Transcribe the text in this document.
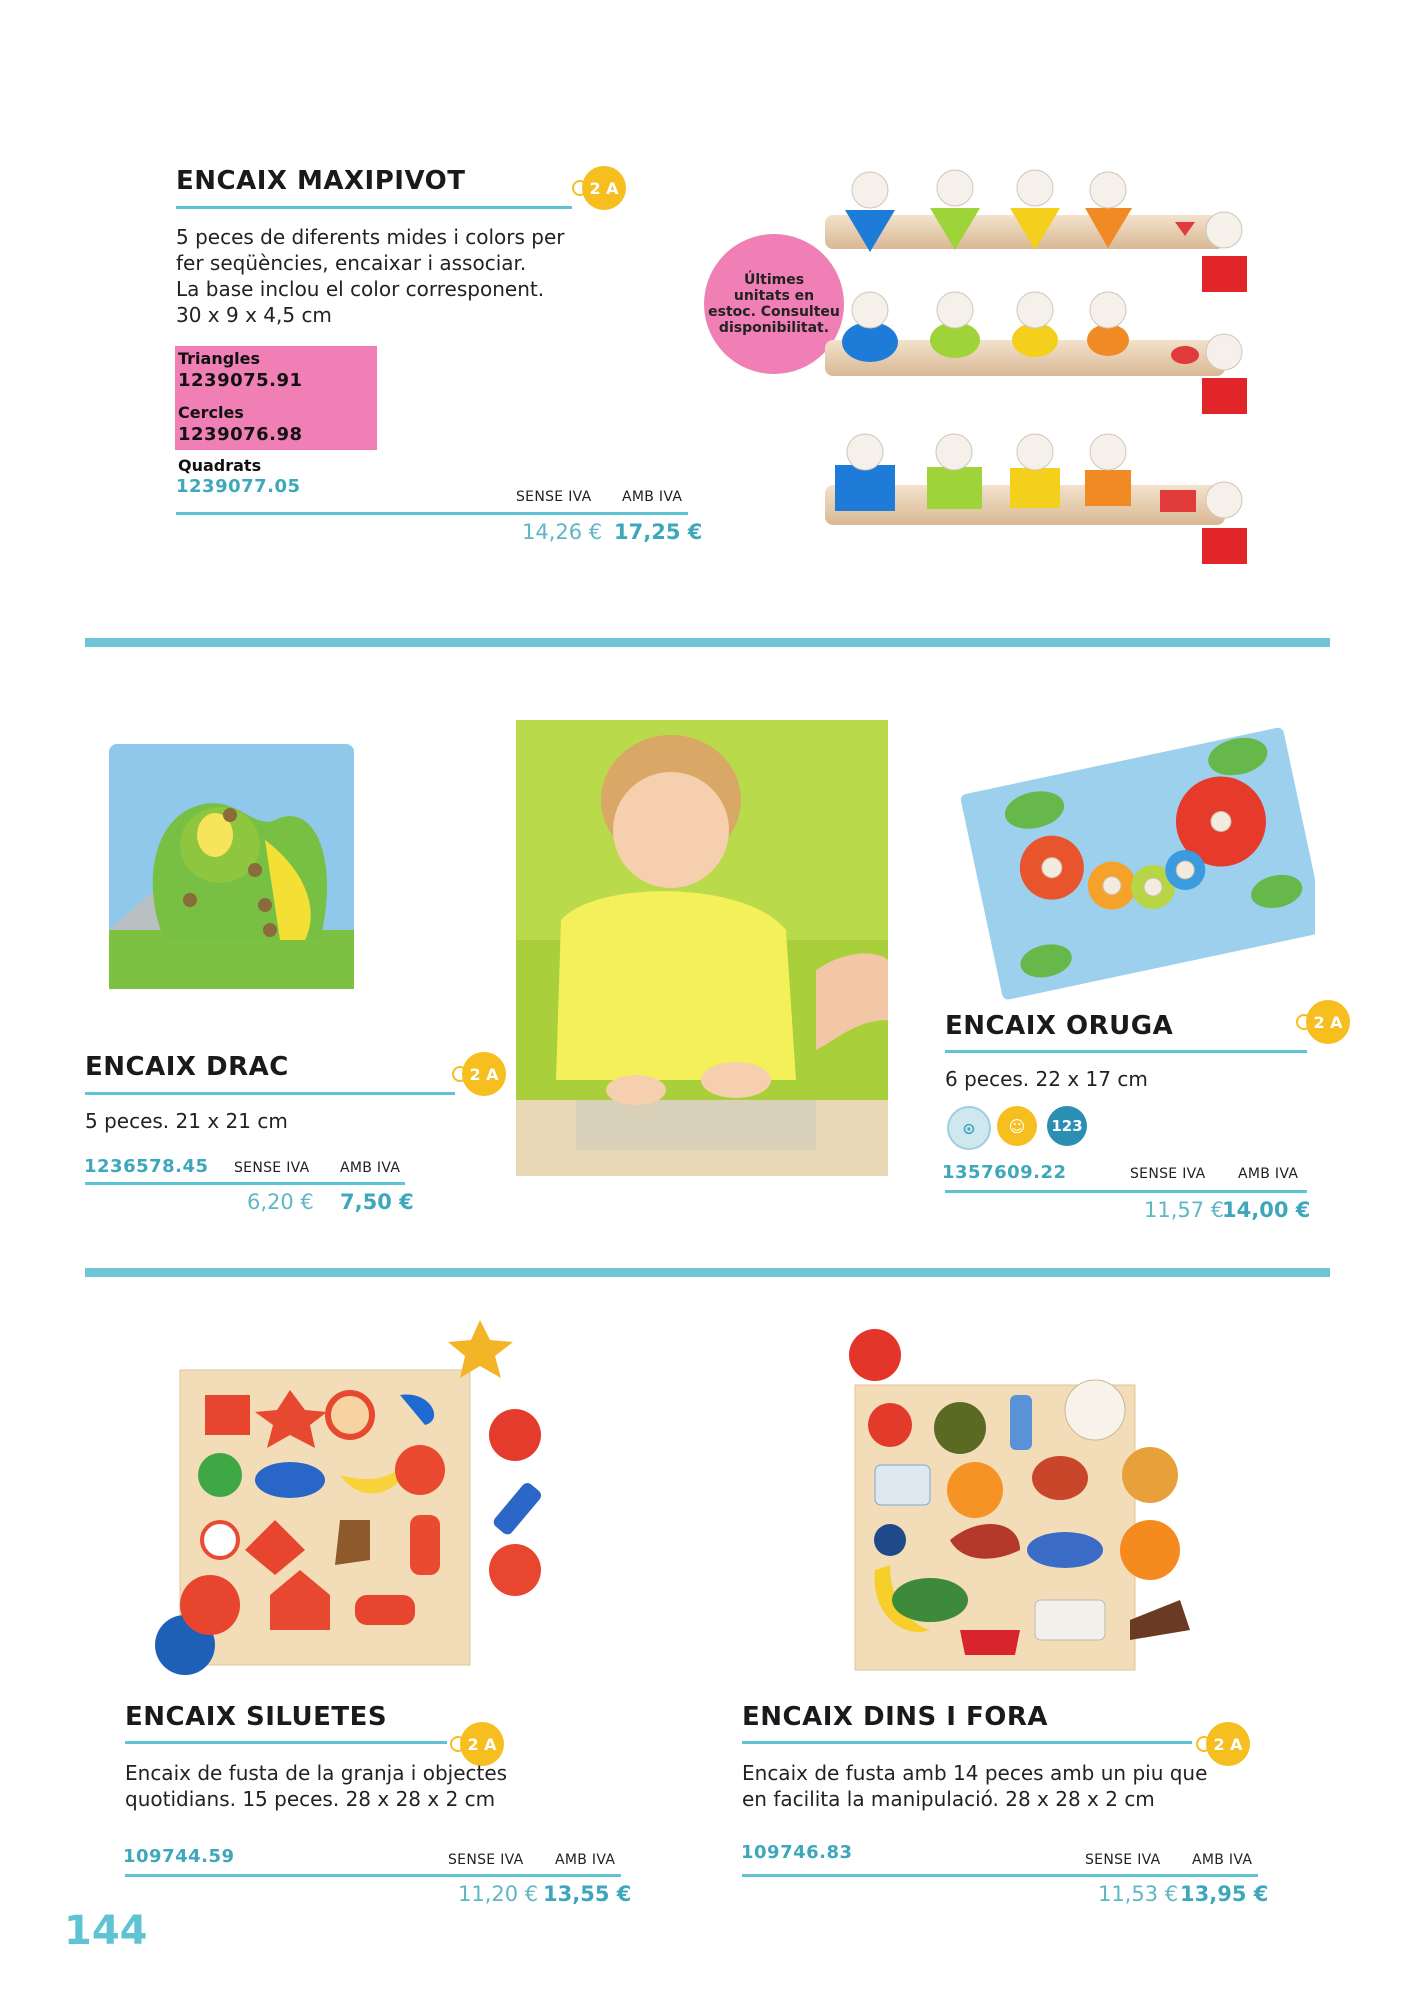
ENCAIX MAXIPIVOT	2 A
5 peces de diferents mides i colors per
fer seqüències, encaixar i associar.
La base inclou el color corresponent.
30 x 9 x 4,5 cm
Triangles
1239075.91
Cercles
1239076.98
Quadrats
1239077.05	SENSE IVA AMB IVA
14,26 € 17,25 €
Últimes
unitats en
estoc. Consulteu
disponibilitat.
ENCAIX DRAC	2 A
5 peces. 21 x 21 cm
1236578.45 SENSE IVA AMB IVA
6,20 € 7,50 €
2 A
ENCAIX ORUGA
6 peces. 22 x 17 cm
⊙	☺	123
1357609.22	SENSE IVA AMB IVA
11,57 €
14,00 €
ENCAIX SILUETES
2 A
Encaix de fusta de la granja i objectes
quotidians. 15 peces. 28 x 28 x 2 cm
109744.59	SENSE IVA AMB IVA
11,20 € 13,55 €
ENCAIX DINS I FORA
2 A
Encaix de fusta amb 14 peces amb un piu que
en facilita la manipulació. 28 x 28 x 2 cm
109746.83	SENSE IVA AMB IVA
11,53 € 13,95 €
144
